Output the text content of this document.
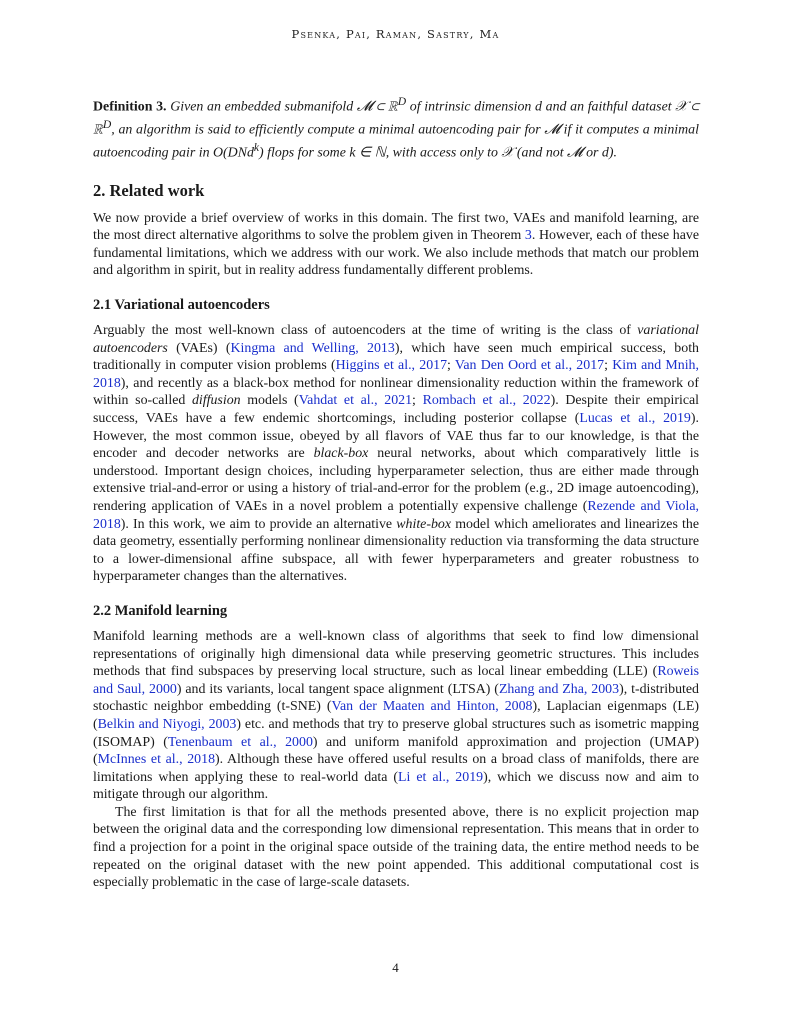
Psenka, Pai, Raman, Sastry, Ma

Definition 3. Given an embedded submanifold 𝓜 ⊂ ℝ$^D$ of intrinsic dimension d and an faithful dataset 𝒳 ⊂ ℝ$^D$, an algorithm is said to efficiently compute a minimal autoencoding pair for 𝓜 if it computes a minimal autoencoding pair in O(DNd$^k$) flops for some k ∈ ℕ, with access only to 𝒳 (and not 𝓜 or d).

2. Related work

We now provide a brief overview of works in this domain. The first two, VAEs and manifold learning, are the most direct alternative algorithms to solve the problem given in Theorem 3. However, each of these have fundamental limitations, which we address with our work. We also include methods that match our problem and algorithm in spirit, but in reality address fundamentally different problems.

2.1 Variational autoencoders

Arguably the most well-known class of autoencoders at the time of writing is the class of variational autoencoders (VAEs) (Kingma and Welling, 2013), which have seen much empirical success, both traditionally in computer vision problems (Higgins et al., 2017; Van Den Oord et al., 2017; Kim and Mnih, 2018), and recently as a black-box method for nonlinear dimensionality reduction within the framework of within so-called diffusion models (Vahdat et al., 2021; Rombach et al., 2022). Despite their empirical success, VAEs have a few endemic shortcomings, including posterior collapse (Lucas et al., 2019). However, the most common issue, obeyed by all flavors of VAE thus far to our knowledge, is that the encoder and decoder networks are black-box neural networks, about which comparatively little is understood. Important design choices, including hyperparameter selection, thus are either made through extensive trial-and-error or using a history of trial-and-error for the problem (e.g., 2D image autoencoding), rendering application of VAEs in a novel problem a potentially expensive challenge (Rezende and Viola, 2018). In this work, we aim to provide an alternative white-box model which ameliorates and linearizes the data geometry, essentially performing nonlinear dimensionality reduction via transforming the data structure to a lower-dimensional affine subspace, all with fewer hyperparameters and greater robustness to hyperparameter changes than the alternatives.

2.2 Manifold learning

Manifold learning methods are a well-known class of algorithms that seek to find low dimensional representations of originally high dimensional data while preserving geometric structures. This includes methods that find subspaces by preserving local structure, such as local linear embedding (LLE) (Roweis and Saul, 2000) and its variants, local tangent space alignment (LTSA) (Zhang and Zha, 2003), t-distributed stochastic neighbor embedding (t-SNE) (Van der Maaten and Hinton, 2008), Laplacian eigenmaps (LE) (Belkin and Niyogi, 2003) etc. and methods that try to preserve global structures such as isometric mapping (ISOMAP) (Tenenbaum et al., 2000) and uniform manifold approximation and projection (UMAP) (McInnes et al., 2018). Although these have offered useful results on a broad class of manifolds, there are limitations when applying these to real-world data (Li et al., 2019), which we discuss now and aim to mitigate through our algorithm.

The first limitation is that for all the methods presented above, there is no explicit projection map between the original data and the corresponding low dimensional representation. This means that in order to find a projection for a point in the original space outside of the training data, the entire method needs to be repeated on the original dataset with the new point appended. This additional computational cost is especially problematic in the case of large-scale datasets.

4
